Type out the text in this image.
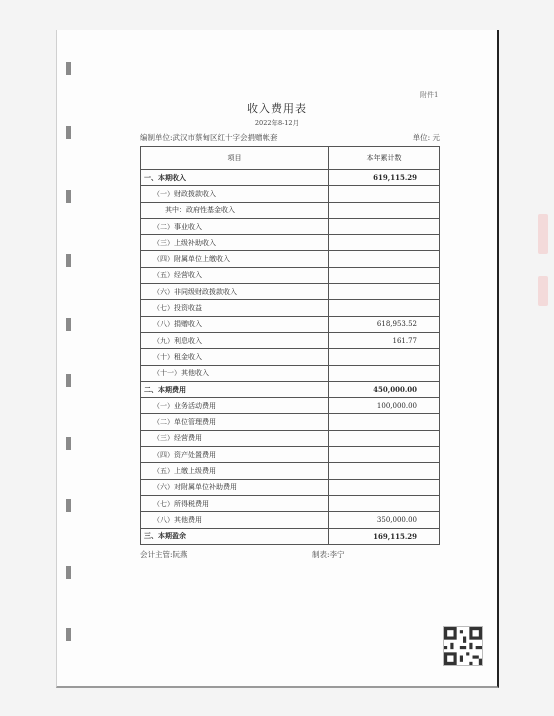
附件1
收入费用表
2022年8-12月
编制单位:武汉市蔡甸区红十字会捐赠帐套	单位: 元
项目	本年累计数
一、本期收入	619,115.29
（一）财政拨款收入	
其中：政府性基金收入	
（二）事业收入	
（三）上级补助收入	
（四）附属单位上缴收入	
（五）经营收入	
（六）非同级财政拨款收入	
（七）投资收益	
（八）捐赠收入	618,953.52
（九）利息收入	161.77
（十）租金收入	
（十一）其他收入	
二、本期费用	450,000.00
（一）业务活动费用	100,000.00
（二）单位管理费用	
（三）经营费用	
（四）资产处置费用	
（五）上缴上级费用	
（六）对附属单位补助费用	
（七）所得税费用	
（八）其他费用	350,000.00
三、本期盈余	169,115.29
会计主管:阮燕	制表:李宁
